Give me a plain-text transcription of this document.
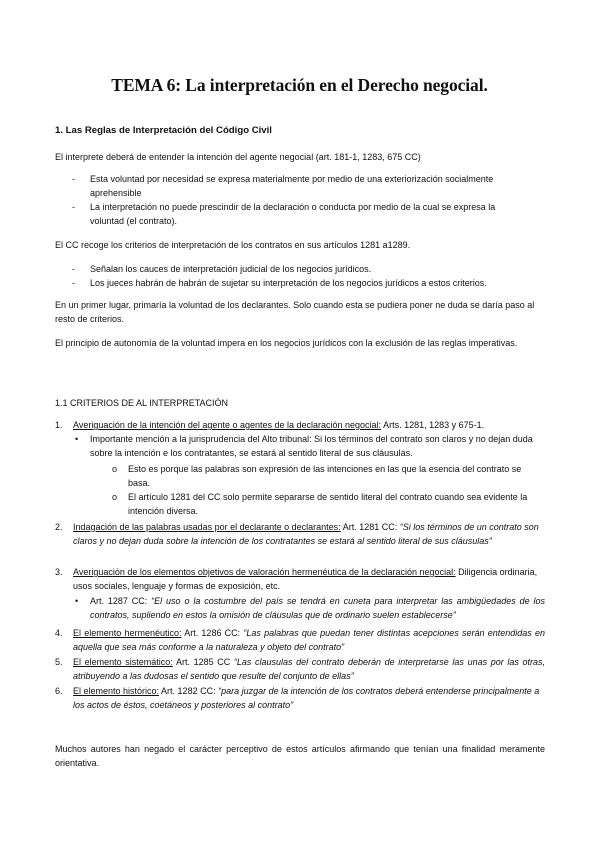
TEMA 6: La interpretación en el Derecho negocial.
1. Las Reglas de Interpretación del Código Civil
El interprete deberá de entender la intención del agente negocial (art. 181-1, 1283, 675 CC)
- Esta voluntad por necesidad se expresa materialmente por medio de una exteriorización socialmente aprehensible
- La interpretación no puede prescindir de la declaración o conducta por medio de la cual se expresa la voluntad (el contrato).
El CC recoge los criterios de interpretación de los contratos en sus artículos 1281 a1289.
- Señalan los cauces de interpretación judicial de los negocios jurídicos.
- Los jueces habrán de habrán de sujetar su interpretación de los negocios jurídicos a estos criterios.
En un primer lugar, primaría la voluntad de los declarantes. Solo cuando esta se pudiera poner ne duda se daría paso al resto de criterios.
El principio de autonomía de la voluntad impera en los negocios jurídicos con la exclusión de las reglas imperativas.
1.1 CRITERIOS DE AL INTERPRETACIÓN
1. Averiguación de la intención del agente o agentes de la declaración negocial: Arts. 1281, 1283 y 675-1.
• Importante mención a la jurisprudencia del Alto tribunal: Si los términos del contrato son claros y no dejan duda sobre la intención e los contratantes, se estará al sentido literal de sus cláusulas.
o Esto es porque las palabras son expresión de las intenciones en las que la esencia del contrato se basa.
o El artículo 1281 del CC solo permite separarse de sentido literal del contrato cuando sea evidente la intención diversa.
2. Indagación de las palabras usadas por el declarante o declarantes: Art. 1281 CC: “Si los términos de un contrato son claros y no dejan duda sobre la intención de los contratantes se estará al sentido literal de sus cláusulas”
3. Averiguación de los elementos objetivos de valoración hermenéutica de la declaración negocial: Diligencia ordinaria, usos sociales, lenguaje y formas de exposición, etc.
• Art. 1287 CC: “El uso o la costumbre del país se tendrá en cuneta para interpretar las ambigüedades de los contratos, supliendo en estos la omisión de cláusulas que de ordinario suelen establecerse”
4. El elemento hermenéutico: Art. 1286 CC: “Las palabras que puedan tener distintas acepciones serán entendidas en aquella que sea más conforme a la naturaleza y objeto del contrato”
5. El elemento sistemático: Art. 1285 CC “Las clausulas del contrato deberán de interpretarse las unas por las otras, atribuyendo a las dudosas el sentido que resulte del conjunto de ellas”
6. El elemento histórico: Art. 1282 CC: “para juzgar de la intención de los contratos deberá entenderse principalmente a los actos de éstos, coetáneos y posteriores al contrato”
Muchos autores han negado el carácter perceptivo de estos artículos afirmando que tenían una finalidad meramente orientativa.
